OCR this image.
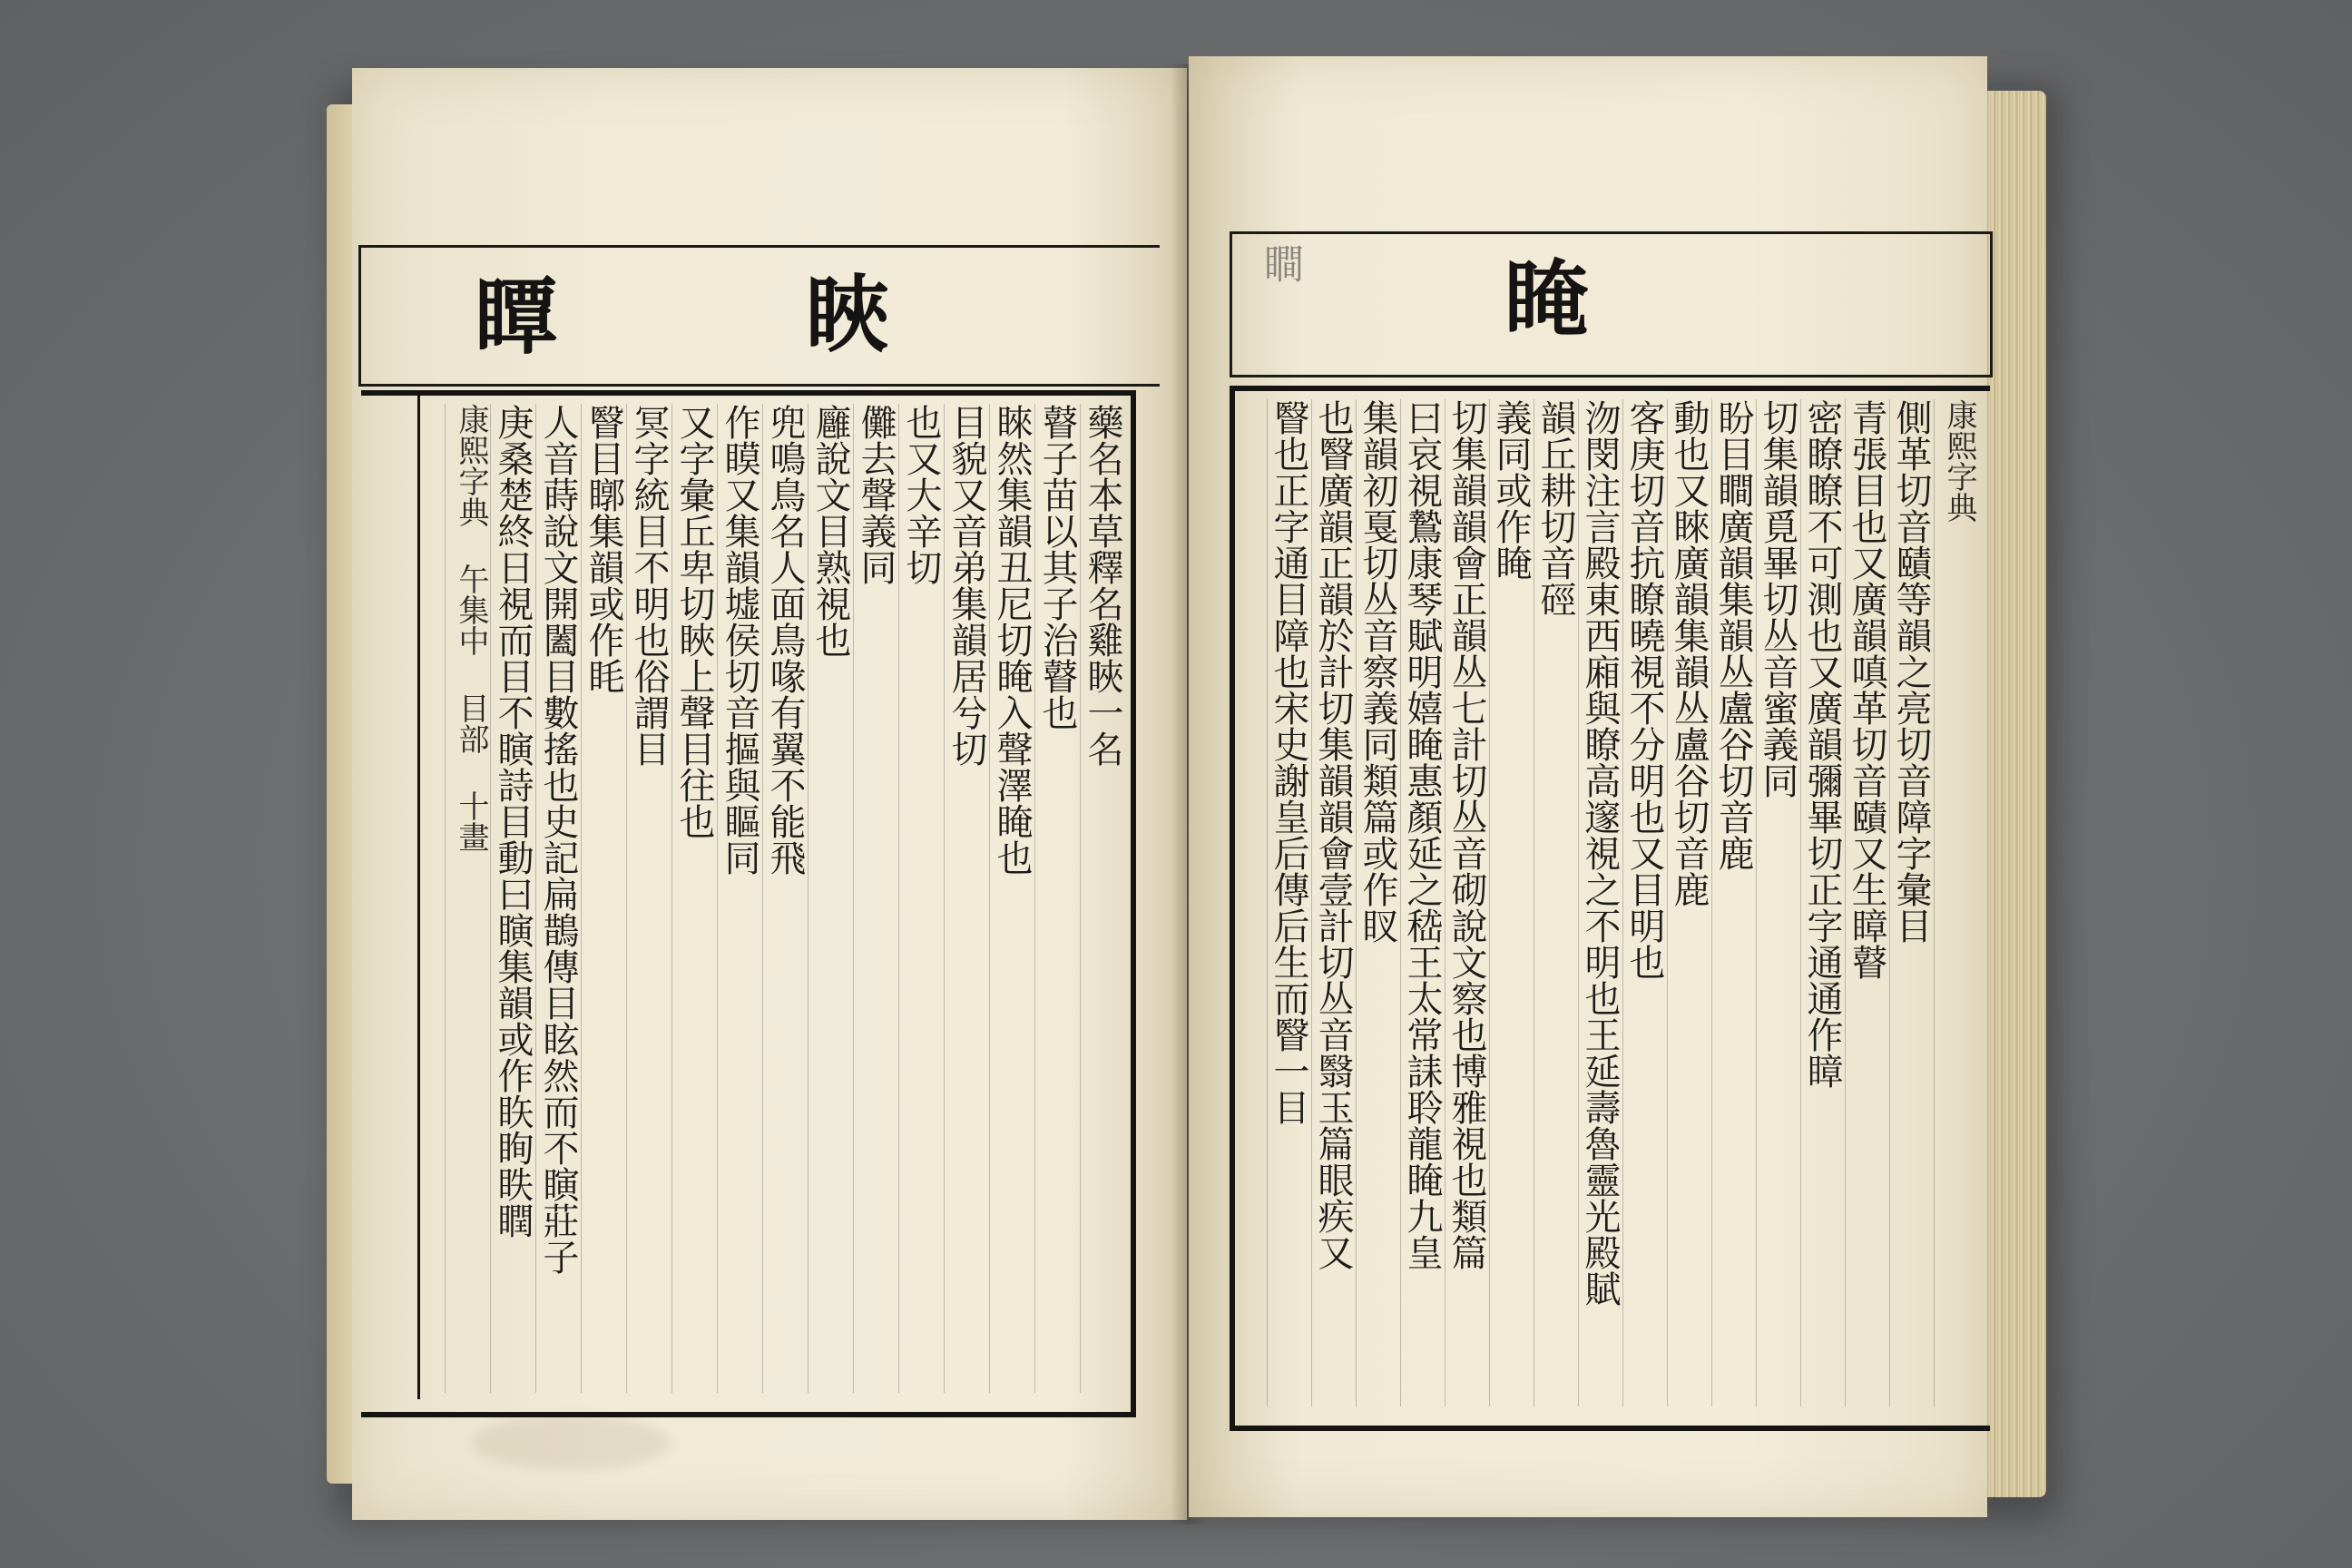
䀹
瞫
藥名本草釋名雞䀹一名
瞽子苗以其子治瞽也
睞然集韻丑尼切䁆入聲澤䁆也
目貌又音弟集韻居兮切
也又大辛切
儺去聲義同
廱說文目熟視也
兜鳴鳥名人面鳥喙有翼不能飛
作瞙又集韻墟侯切音摳與瞘同
又字彙丘卑切䀹上聲目往也
冥字統目不明也俗謂目
瞖目䁨集韻或作眊
人音蒔說文開闔目數搖也史記扁鵲傳目眩然而不瞚莊子
庚桑楚終日視而目不瞚詩目動曰瞚集韻或作䀢眴眣瞤
康熙字典 午集中 目部 十畫
䁆
瞷
康熙字典
側革切音賾等韻之亮切音障字彙目
青張目也又廣韻嗔革切音賾又生瞕瞽
密瞭瞭不可測也又廣韻彌畢切正字通通作瞕
切集韻覓畢切丛音蜜義同
盼目瞷廣韻集韻丛盧谷切音鹿
動也又睞廣韻集韻丛盧谷切音鹿
客庚切音抗瞭曉視不分明也又目明也
沕閔注言殿東西廂與瞭高邃視之不明也王延壽魯靈光殿賦
韻丘耕切音硜
義同或作䁆
切集韻韻會正韻丛七計切丛音砌說文察也博雅視也類篇
曰哀視鷙康琴賦明嬉䁆惠顏延之嵇王太常誄聆龍䁆九皇
集韻初戛切丛音察義同類篇或作䀑
也瞖廣韻正韻於計切集韻韻會壹計切丛音翳玉篇眼疾又
瞖也正字通目障也宋史謝皇后傳后生而瞖一目
